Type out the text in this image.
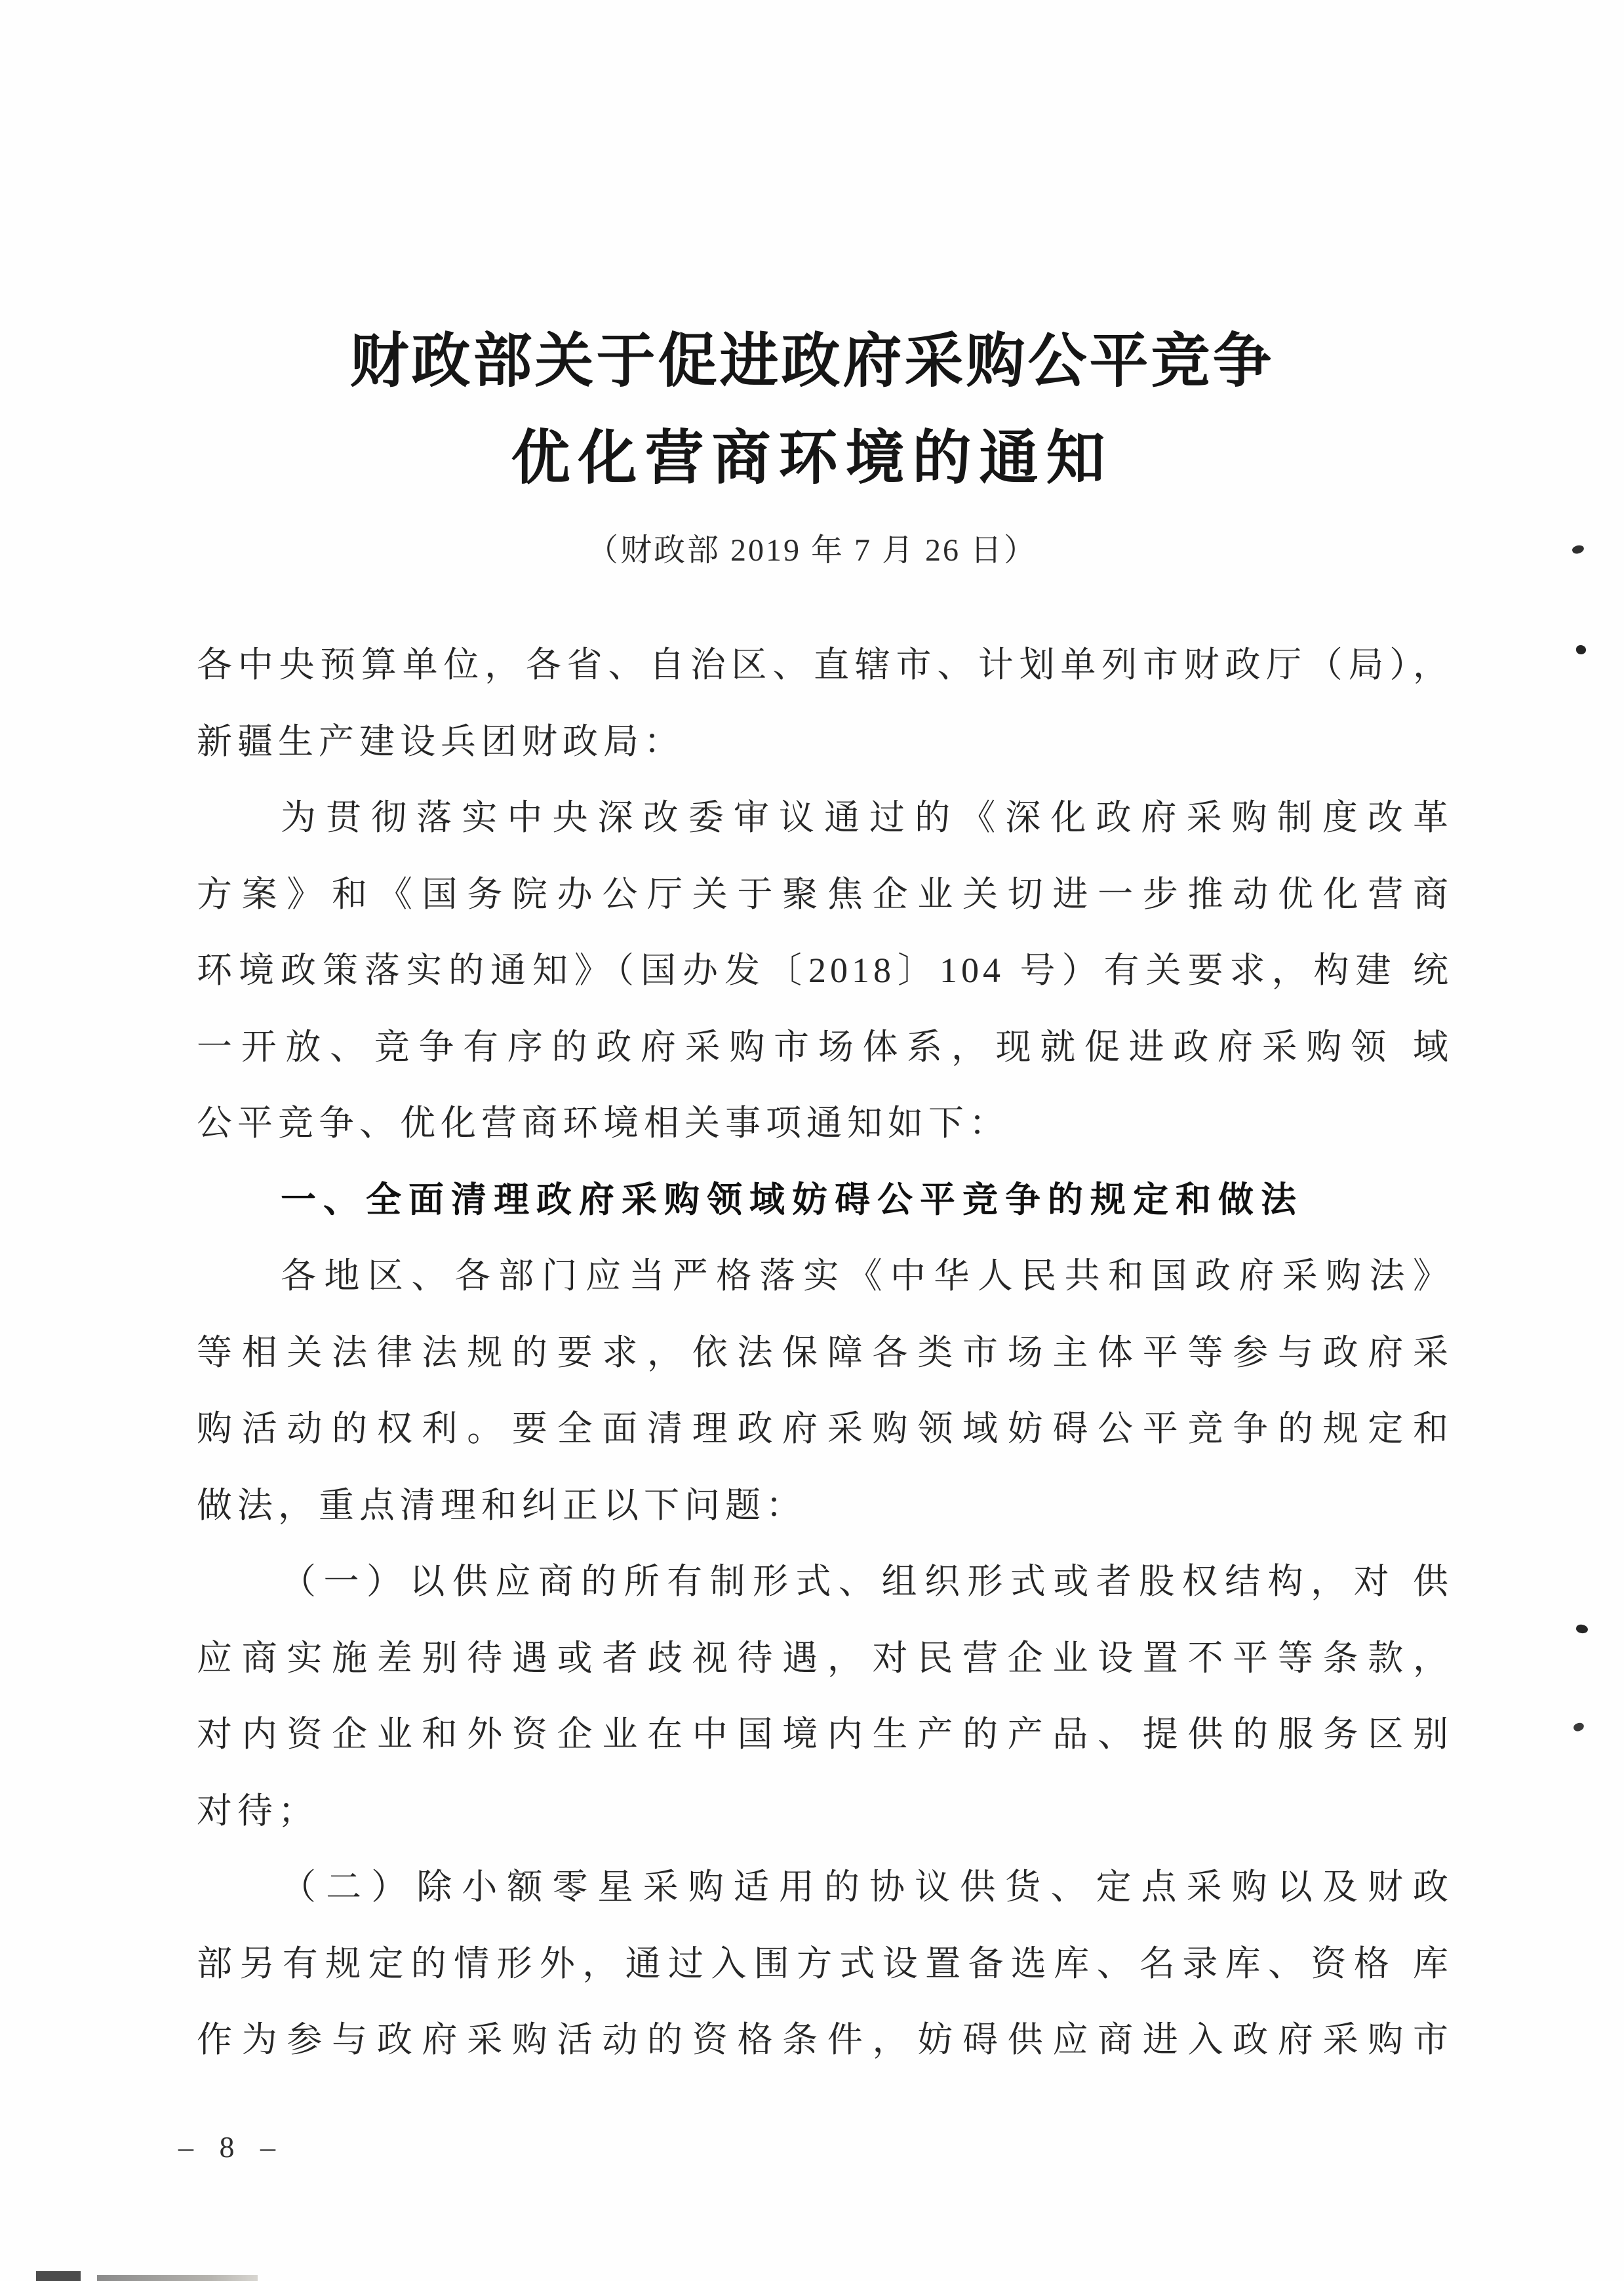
财政部关于促进政府采购公平竞争
优化营商环境的通知
（财政部 2019 年 7 月 26 日）
各中央预算单位，各省、自治区、直辖市、计划单列市财政厅（局），
新疆生产建设兵团财政局：
为贯彻落实中央深改委审议通过的《深化政府采购制度改革
方案》和《国务院办公厅关于聚焦企业关切进一步推动优化营商
环境政策落实的通知》（国办发〔2018〕104 号）有关要求，构建 统
一开放、竞争有序的政府采购市场体系，现就促进政府采购领 域
公平竞争、优化营商环境相关事项通知如下：
一、全面清理政府采购领域妨碍公平竞争的规定和做法
各地区、各部门应当严格落实《中华人民共和国政府采购法》
等相关法律法规的要求，依法保障各类市场主体平等参与政府采
购活动的权利。要全面清理政府采购领域妨碍公平竞争的规定和
做法，重点清理和纠正以下问题：
（一）以供应商的所有制形式、组织形式或者股权结构，对 供
应商实施差别待遇或者歧视待遇，对民营企业设置不平等条款，
对内资企业和外资企业在中国境内生产的产品、提供的服务区别
对待；
（二）除小额零星采购适用的协议供货、定点采购以及财政
部另有规定的情形外，通过入围方式设置备选库、名录库、资格 库
作为参与政府采购活动的资格条件，妨碍供应商进入政府采购市
– 8 –
